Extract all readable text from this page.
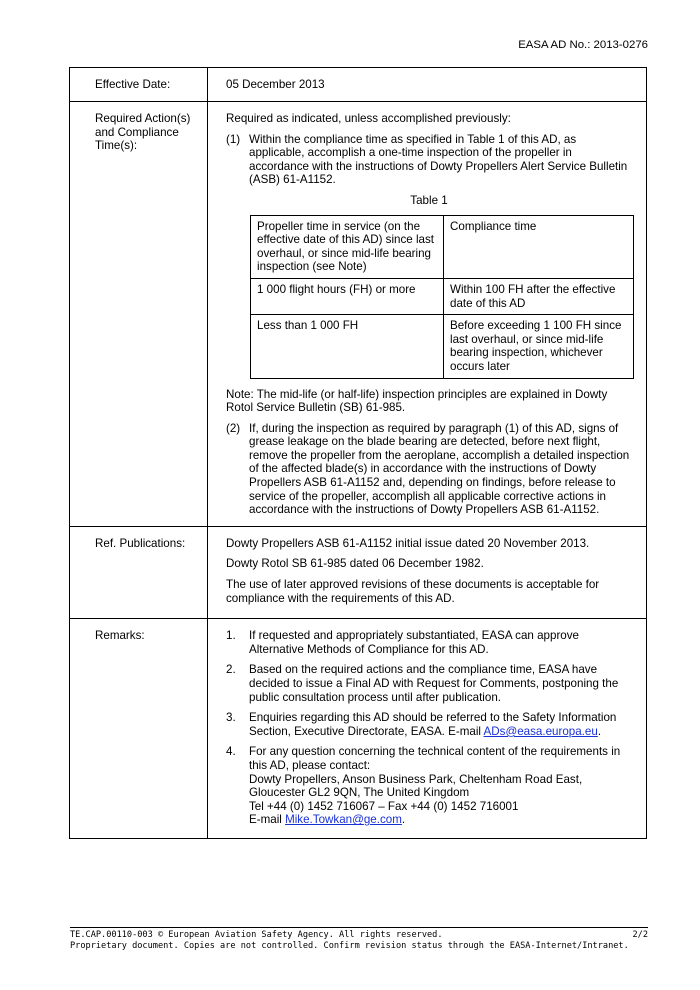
EASA AD No.: 2013-0276
Effective Date:	05 December 2013

Required Action(s)
and Compliance
Time(s):

Required as indicated, unless accomplished previously:

(1) Within the compliance time as specified in Table 1 of this AD, as applicable, accomplish a one-time inspection of the propeller in accordance with the instructions of Dowty Propellers Alert Service Bulletin (ASB) 61-A1152.
Table 1
Propeller time in service (on the effective date of this AD) since last overhaul, or since mid-life bearing inspection (see Note)	Compliance time
1 000 flight hours (FH) or more	Within 100 FH after the effective date of this AD
Less than 1 000 FH	Before exceeding 1 100 FH since last overhaul, or since mid-life bearing inspection, whichever occurs later

Note: The mid-life (or half-life) inspection principles are explained in Dowty Rotol Service Bulletin (SB) 61-985.

(2) If, during the inspection as required by paragraph (1) of this AD, signs of grease leakage on the blade bearing are detected, before next flight, remove the propeller from the aeroplane, accomplish a detailed inspection of the affected blade(s) in accordance with the instructions of Dowty Propellers ASB 61-A1152 and, depending on findings, before release to service of the propeller, accomplish all applicable corrective actions in accordance with the instructions of Dowty Propellers ASB 61-A1152.

Ref. Publications:	Dowty Propellers ASB 61-A1152 initial issue dated 20 November 2013.

Dowty Rotol SB 61-985 dated 06 December 1982.

The use of later approved revisions of these documents is acceptable for compliance with the requirements of this AD.

Remarks:	1.	If requested and appropriately substantiated, EASA can approve Alternative Methods of Compliance for this AD.
2.	Based on the required actions and the compliance time, EASA have decided to issue a Final AD with Request for Comments, postponing the public consultation process until after publication.
3.	Enquiries regarding this AD should be referred to the Safety Information Section, Executive Directorate, EASA. E-mail ADs@easa.europa.eu.
4.	For any question concerning the technical content of the requirements in this AD, please contact:
Dowty Propellers, Anson Business Park, Cheltenham Road East, Gloucester GL2 9QN, The United Kingdom
Tel +44 (0) 1452 716067 – Fax +44 (0) 1452 716001
E-mail Mike.Towkan@ge.com.
TE.CAP.00110-003 © European Aviation Safety Agency. All rights reserved.	2/2
Proprietary document. Copies are not controlled. Confirm revision status through the EASA-Internet/Intranet.
